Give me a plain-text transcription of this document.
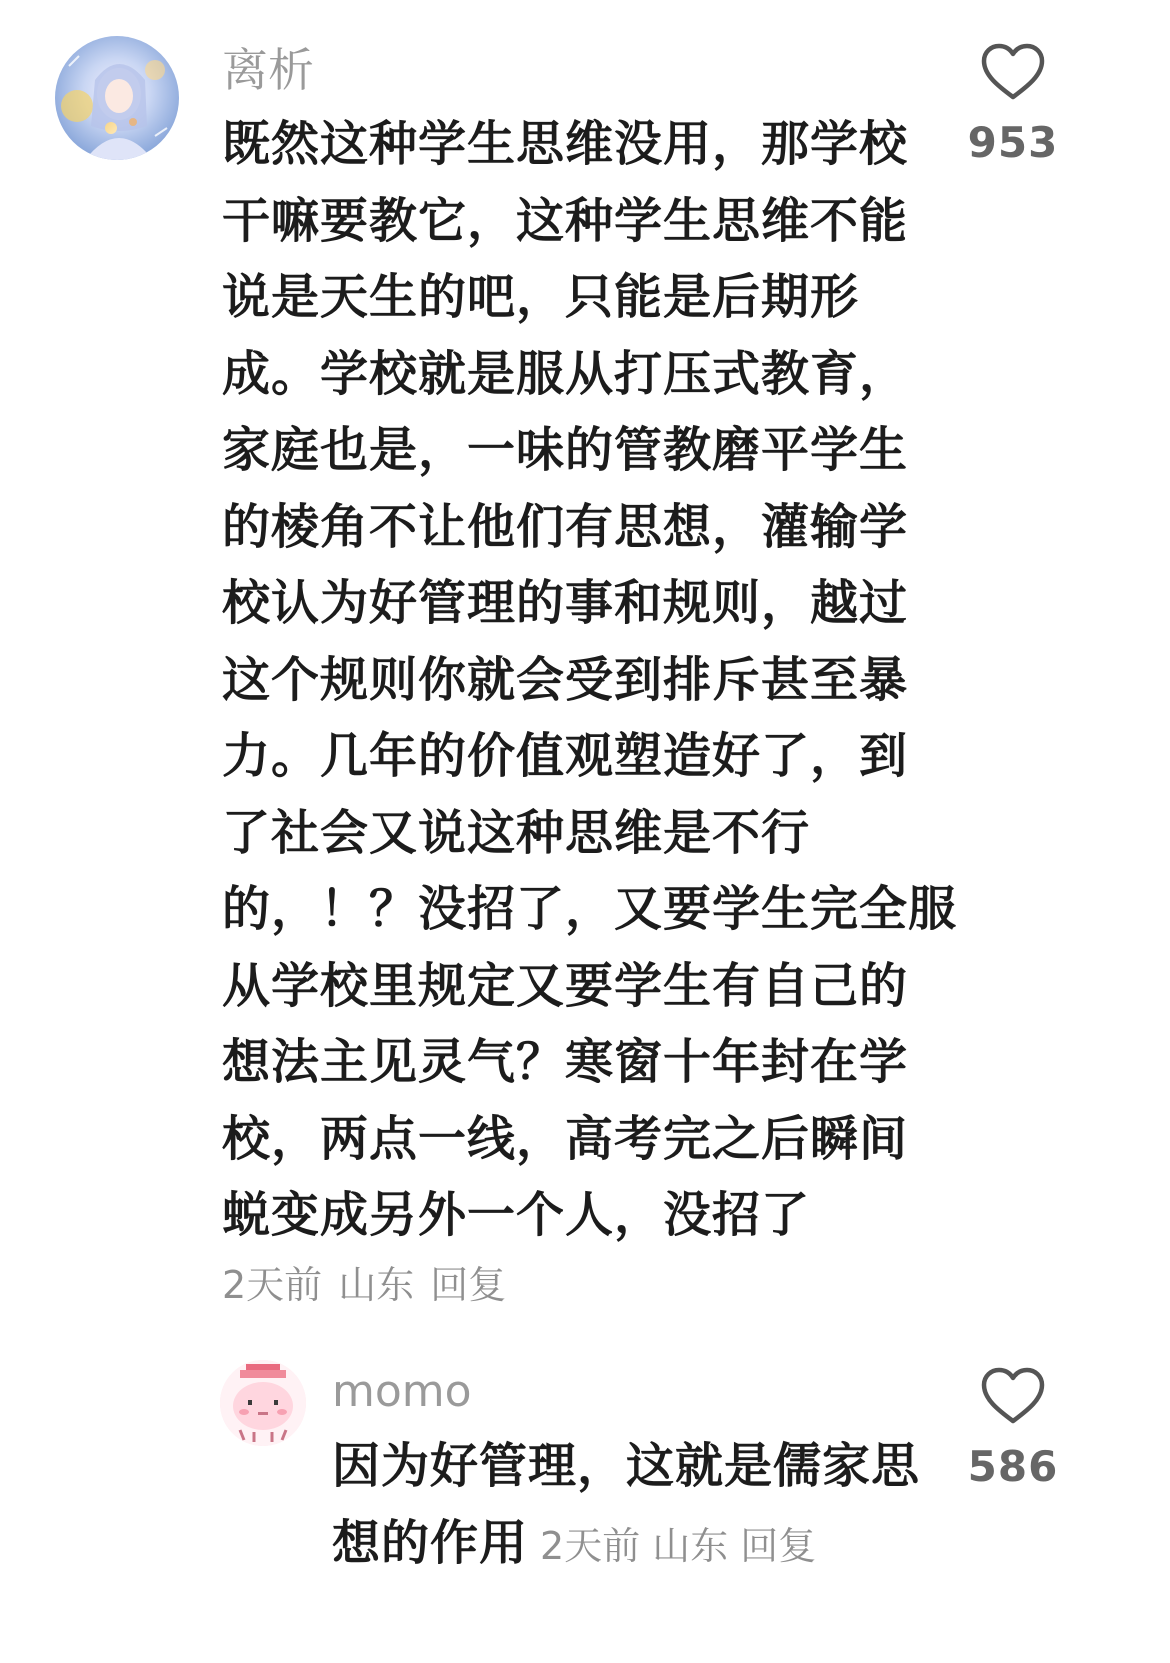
离析
既然这种学生思维没用，那学校
干嘛要教它，这种学生思维不能
说是天生的吧，只能是后期形
成。学校就是服从打压式教育，
家庭也是，一味的管教磨平学生
的棱角不让他们有思想，灌输学
校认为好管理的事和规则，越过
这个规则你就会受到排斥甚至暴
力。几年的价值观塑造好了，到
了社会又说这种思维是不行
的，！？没招了，又要学生完全服
从学校里规定又要学生有自己的
想法主见灵气？寒窗十年封在学
校，两点一线，高考完之后瞬间
蜕变成另外一个人，没招了
2天前 山东 回复
953
momo
因为好管理，这就是儒家思
想的作用 2天前 山东 回复
586
